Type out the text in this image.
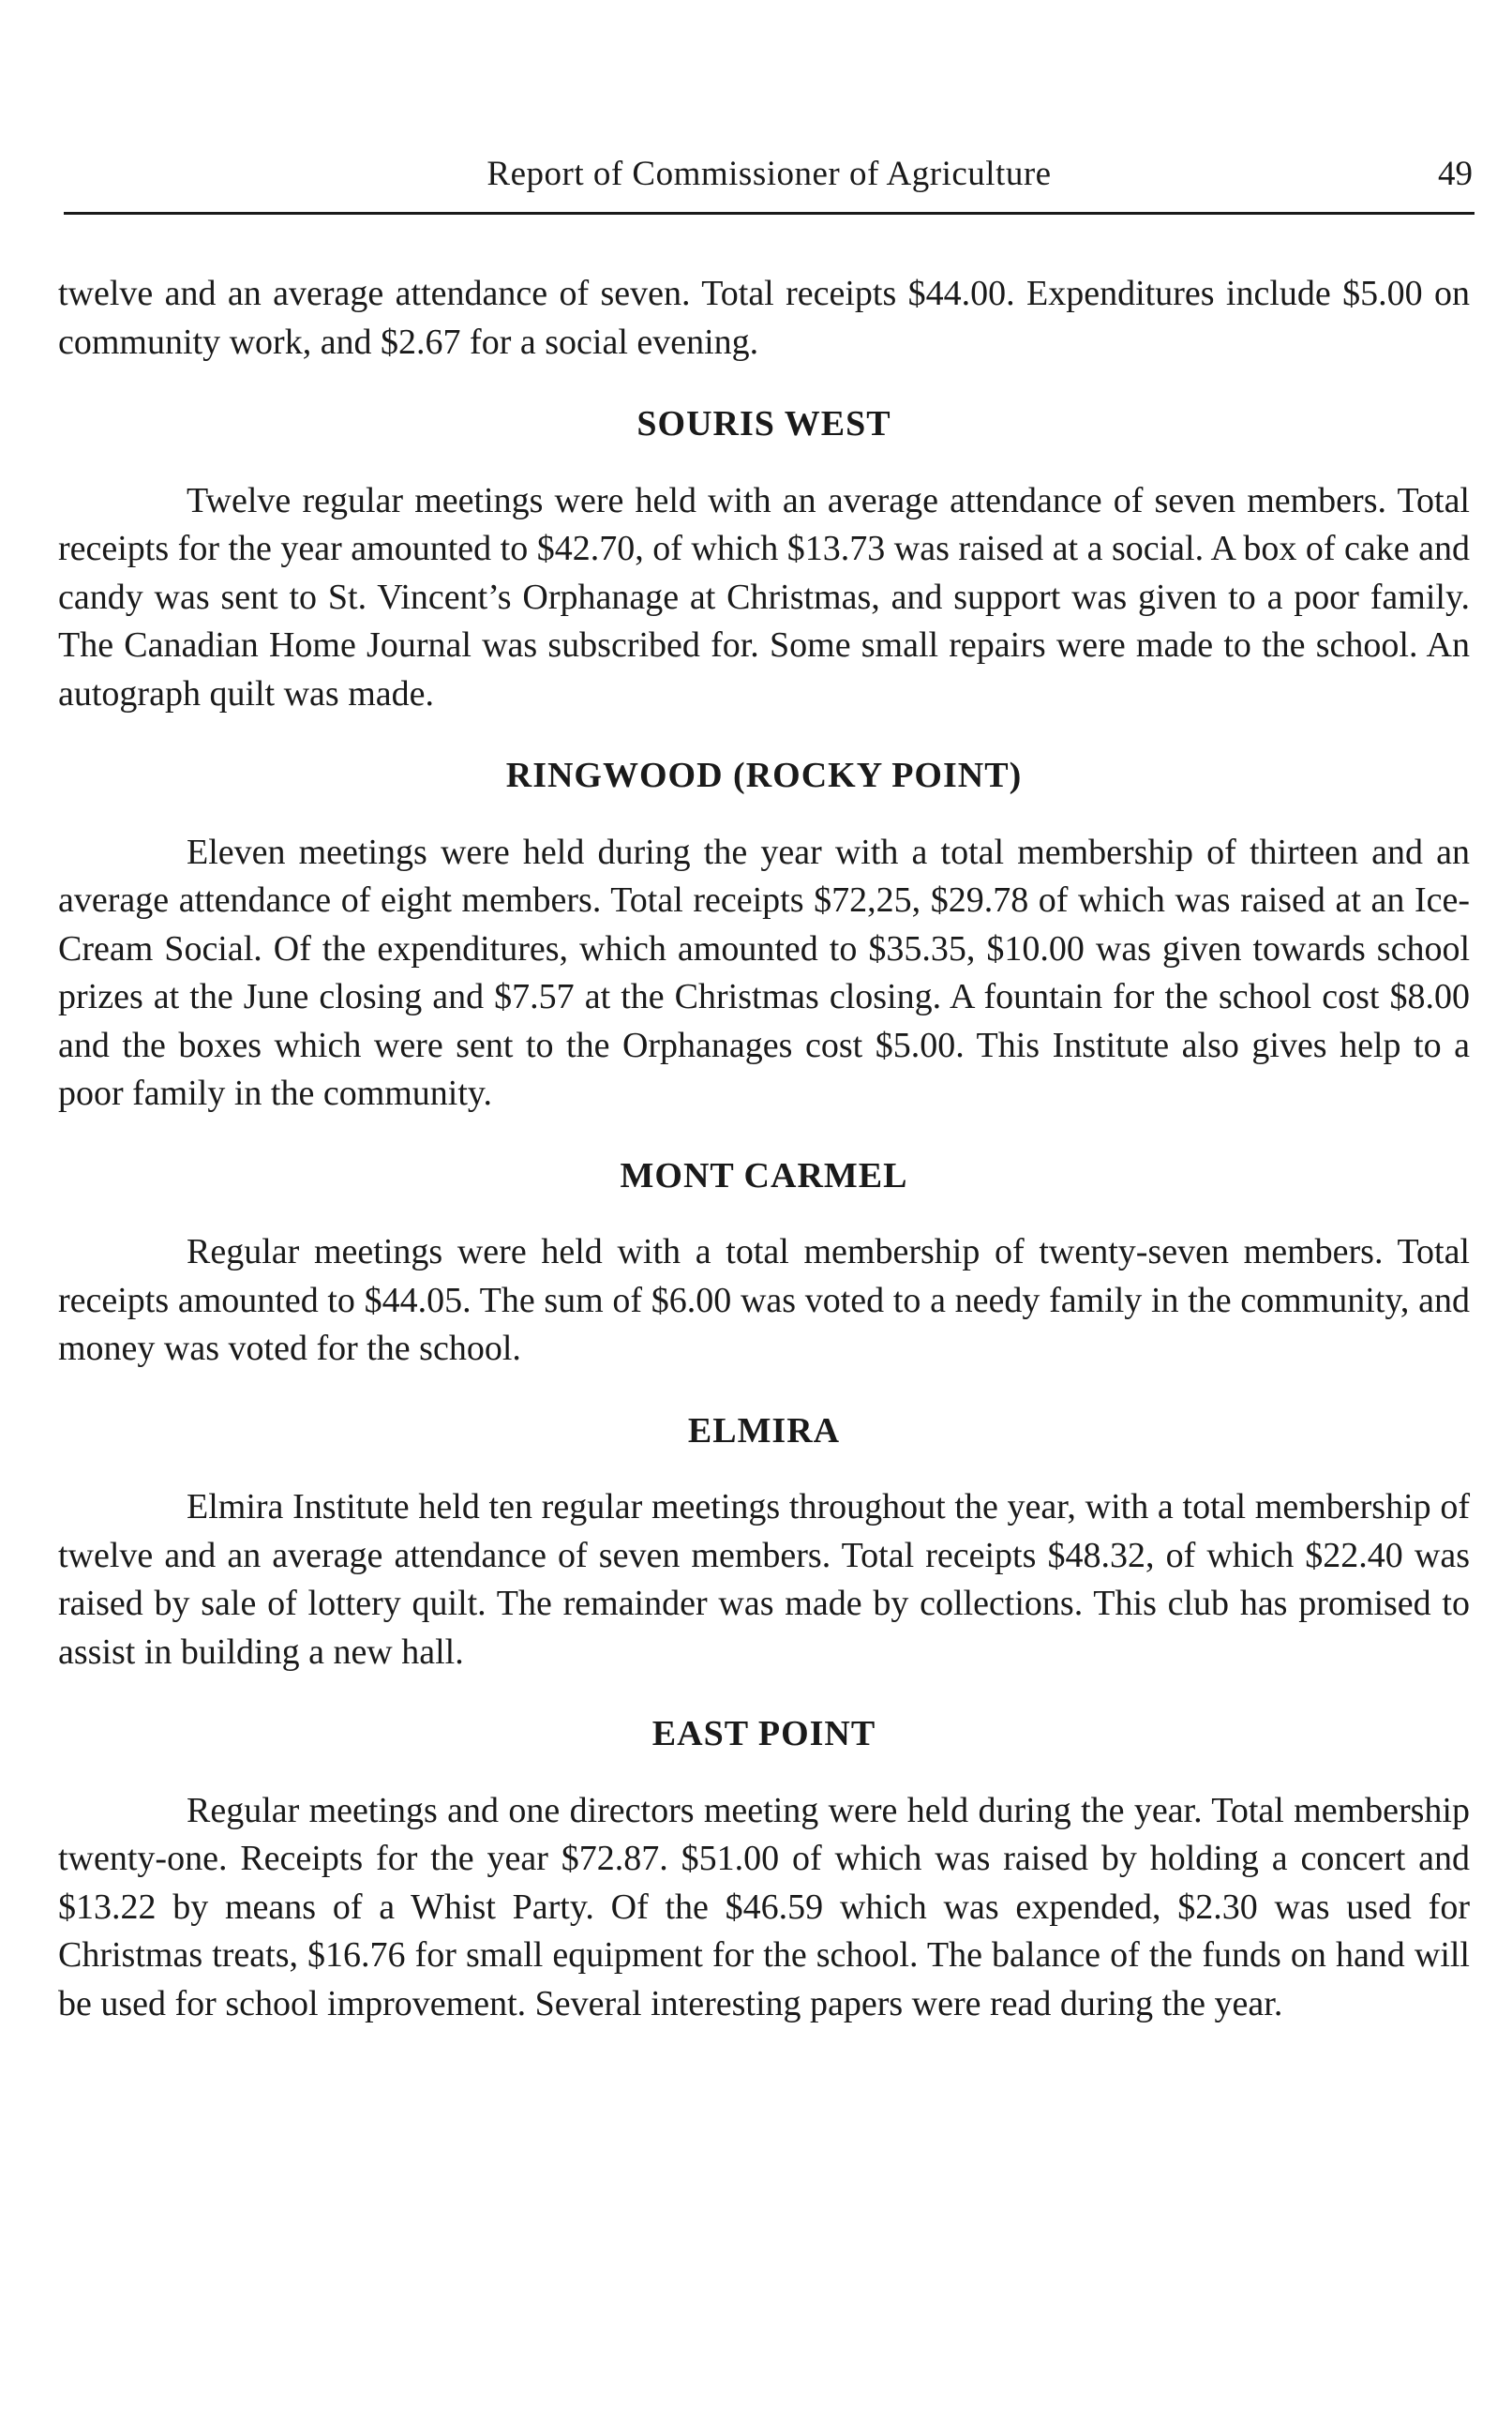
Report of Commissioner of Agriculture	49

twelve and an average attendance of seven. Total receipts $44.00. Expenditures include $5.00 on community work, and $2.67 for a social evening.

SOURIS WEST

Twelve regular meetings were held with an average attendance of seven members. Total receipts for the year amounted to $42.70, of which $13.73 was raised at a social. A box of cake and candy was sent to St. Vincent’s Orphanage at Christmas, and support was given to a poor family. The Canadian Home Journal was subscribed for. Some small repairs were made to the school. An autograph quilt was made.

RINGWOOD (ROCKY POINT)

Eleven meetings were held during the year with a total membership of thirteen and an average attendance of eight members. Total receipts $72,25, $29.78 of which was raised at an Ice-Cream Social. Of the expenditures, which amounted to $35.35, $10.00 was given towards school prizes at the June closing and $7.57 at the Christmas closing. A fountain for the school cost $8.00 and the boxes which were sent to the Orphanages cost $5.00. This Institute also gives help to a poor family in the community.

MONT CARMEL

Regular meetings were held with a total membership of twenty-seven members. Total receipts amounted to $44.05. The sum of $6.00 was voted to a needy family in the community, and money was voted for the school.

ELMIRA

Elmira Institute held ten regular meetings throughout the year, with a total membership of twelve and an average attendance of seven members. Total receipts $48.32, of which $22.40 was raised by sale of lottery quilt. The remainder was made by collections. This club has promised to assist in building a new hall.

EAST POINT

Regular meetings and one directors meeting were held during the year. Total membership twenty-one. Receipts for the year $72.87. $51.00 of which was raised by holding a concert and $13.22 by means of a Whist Party. Of the $46.59 which was expended, $2.30 was used for Christmas treats, $16.76 for small equipment for the school. The balance of the funds on hand will be used for school improvement. Several interesting papers were read during the year.
